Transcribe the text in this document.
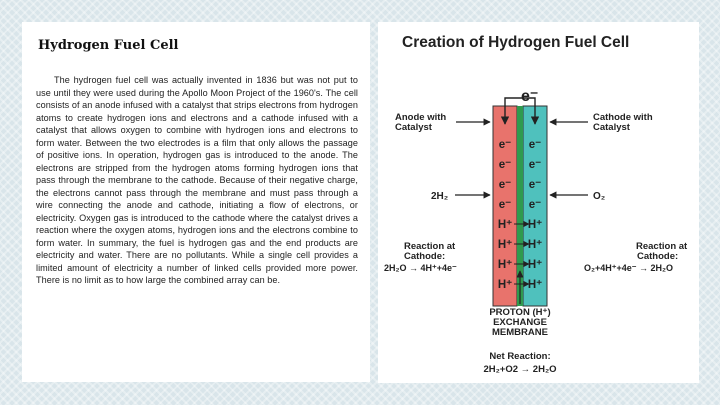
Hydrogen Fuel Cell

The hydrogen fuel cell was actually invented in 1836 but was not put to use until they were used during the Apollo Moon Project of the 1960's. The cell consists of an anode infused with a catalyst that strips electrons from hydrogen atoms to create hydrogen ions and electrons and a cathode infused with a catalyst that allows oxygen to combine with hydrogen ions and electrons to form water. Between the two electrodes is a film that only allows the passage of positive ions. In operation, hydrogen gas is introduced to the anode. The electrons are stripped from the hydrogen atoms forming hydrogen ions that pass through the membrane to the cathode. Because of their negative charge, the electrons cannot pass through the membrane and must pass through a wire connecting the anode and cathode, initiating a flow of electrons, or electricity. Oxygen gas is introduced to the cathode where the catalyst drives a reaction where the oxygen atoms, hydrogen ions and the electrons combine to form water. In summary, the fuel is hydrogen gas and the end products are electricity and water. There are no pollutants. While a single cell provides a limited amount of electricity a number of linked cells provided more power. There is no limit as to how large the combined array can be.

Creation of Hydrogen Fuel Cell
e⁻
e⁻
e⁻
e⁻
e⁻
H⁺
H⁺
H⁺
H⁺
e⁻
e⁻
e⁻
e⁻
H⁺
H⁺
H⁺
H⁺
Anode with
Catalyst
Cathode with
Catalyst
2H₂	O₂
Reaction at
Cathode:
2H₂O → 4H⁺+4e⁻
Reaction at
Cathode:
O₂+4H⁺+4e⁻ → 2H₂O
PROTON (H⁺)
EXCHANGE
MEMBRANE
Net Reaction:
2H₂+O2 → 2H₂O
